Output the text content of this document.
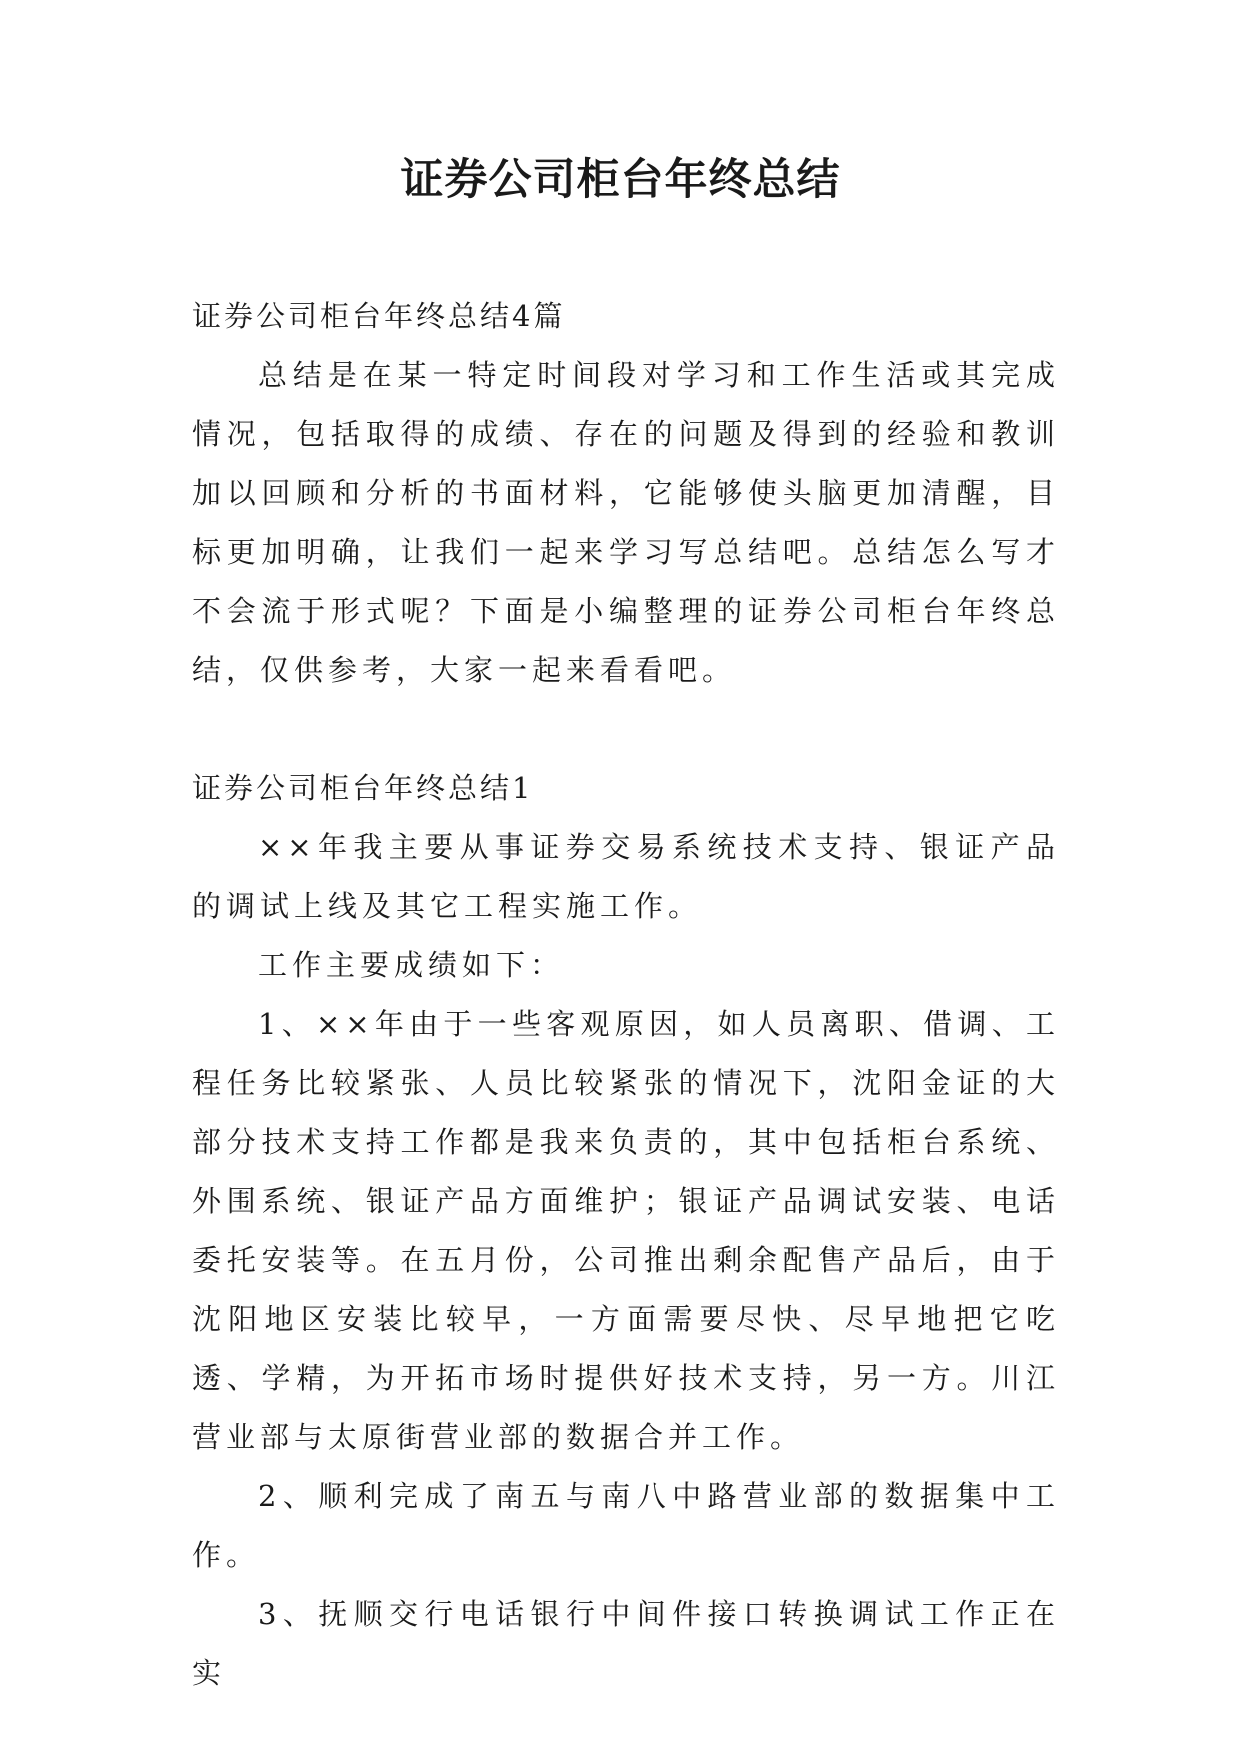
证券公司柜台年终总结

证券公司柜台年终总结4篇

总结是在某一特定时间段对学习和工作生活或其完成情况，包括取得的成绩、存在的问题及得到的经验和教训加以回顾和分析的书面材料，它能够使头脑更加清醒，目标更加明确，让我们一起来学习写总结吧。总结怎么写才不会流于形式呢？下面是小编整理的证券公司柜台年终总结，仅供参考，大家一起来看看吧。

证券公司柜台年终总结1

××年我主要从事证券交易系统技术支持、银证产品的调试上线及其它工程实施工作。

工作主要成绩如下：

1、××年由于一些客观原因，如人员离职、借调、工程任务比较紧张、人员比较紧张的情况下，沈阳金证的大部分技术支持工作都是我来负责的，其中包括柜台系统、外围系统、银证产品方面维护；银证产品调试安装、电话委托安装等。在五月份，公司推出剩余配售产品后，由于沈阳地区安装比较早，一方面需要尽快、尽早地把它吃透、学精，为开拓市场时提供好技术支持，另一方。川江营业部与太原街营业部的数据合并工作。

2、顺利完成了南五与南八中路营业部的数据集中工作。

3、抚顺交行电话银行中间件接口转换调试工作正在实
